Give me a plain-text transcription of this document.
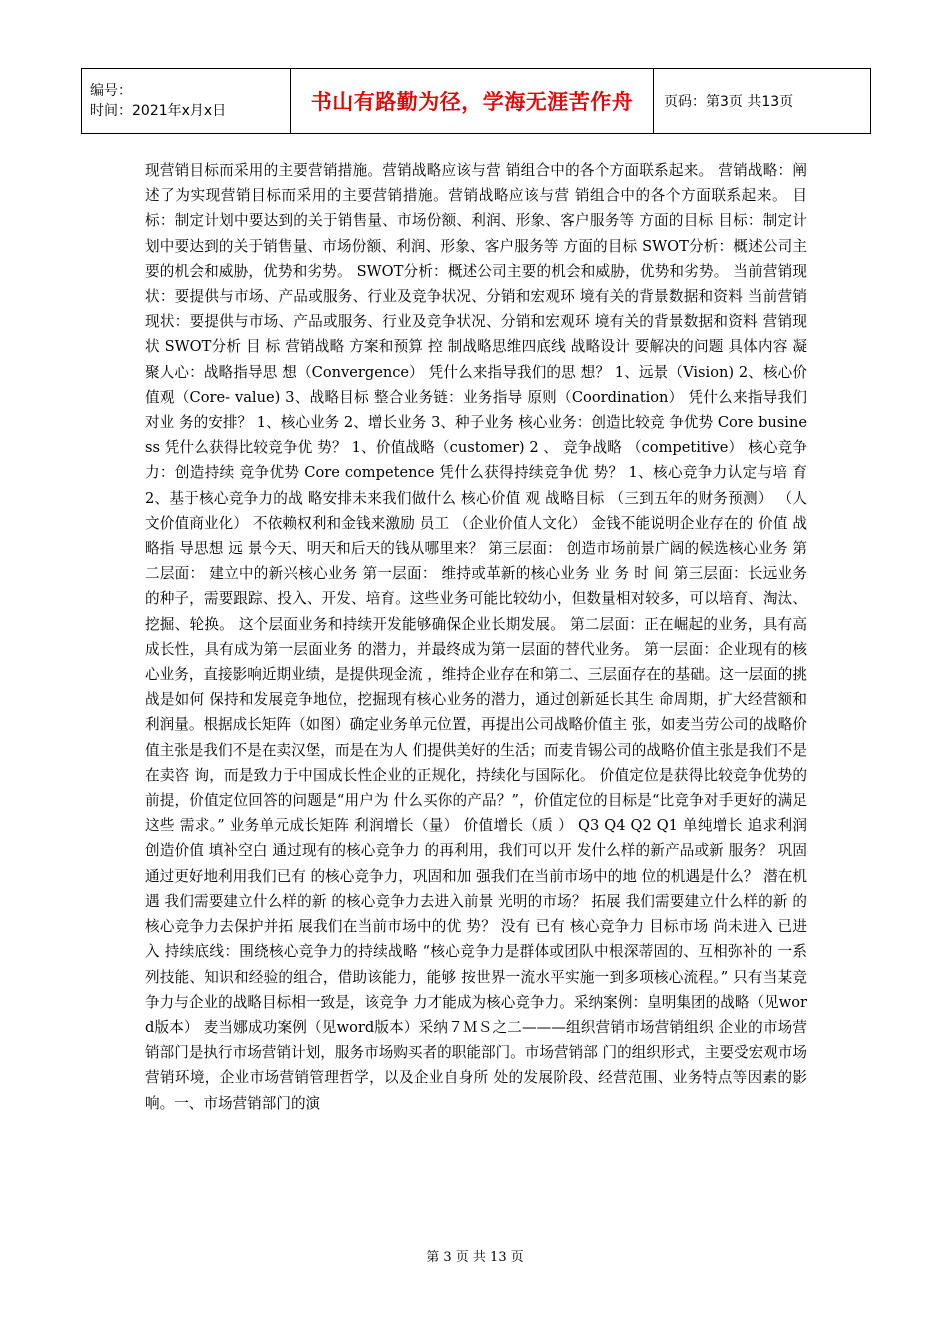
编号：
时间：2021年x月x日	书山有路勤为径，学海无涯苦作舟	页码：第3页 共13页
现营销目标而采用的主要营销措施。营销战略应该与营 销组合中的各个方面联系起来。 营销战略：阐述了为实现营销目标而采用的主要营销措施。营销战略应该与营 销组合中的各个方面联系起来。 目标：制定计划中要达到的关于销售量、市场份额、利润、形象、客户服务等 方面的目标 目标：制定计划中要达到的关于销售量、市场份额、利润、形象、客户服务等 方面的目标 SWOT分析：概述公司主要的机会和威胁，优势和劣势。 SWOT分析：概述公司主要的机会和威胁，优势和劣势。 当前营销现状：要提供与市场、产品或服务、行业及竞争状况、分销和宏观环 境有关的背景数据和资料 当前营销现状：要提供与市场、产品或服务、行业及竞争状况、分销和宏观环 境有关的背景数据和资料 营销现状 SWOT分析 目 标 营销战略 方案和预算 控 制战略思维四底线 战略设计 要解决的问题 具体内容 凝聚人心：战略指导思 想（Convergence） 凭什么来指导我们的思 想？ 1、远景（Vision) 2、核心价值观（Core- value) 3、战略目标 整合业务链：业务指导 原则（Coordination） 凭什么来指导我们对业 务的安排？ 1、核心业务 2、增长业务 3、种子业务 核心业务：创造比较竞 争优势 Core business 凭什么获得比较竞争优 势？ 1、价值战略（customer) 2 、 竞争战略 （competitive） 核心竞争力：创造持续 竞争优势 Core competence 凭什么获得持续竞争优 势？ 1、核心竞争力认定与培 育 2、基于核心竞争力的战 略安排未来我们做什么 核心价值 观 战略目标 （三到五年的财务预测） （人文价值商业化） 不依赖权利和金钱来激励 员工 （企业价值人文化） 金钱不能说明企业存在的 价值 战略指 导思想 远 景今天、明天和后天的钱从哪里来？ 第三层面： 创造市场前景广阔的候选核心业务 第二层面： 建立中的新兴核心业务 第一层面： 维持或革新的核心业务 业 务 时 间 第三层面：长远业务的种子，需要跟踪、投入、开发、培育。这些业务可能比较幼小，但数量相对较多，可以培育、淘汰、挖掘、轮换。 这个层面业务和持续开发能够确保企业长期发展。 第二层面：正在崛起的业务，具有高成长性，具有成为第一层面业务 的潜力，并最终成为第一层面的替代业务。 第一层面：企业现有的核心业务，直接影响近期业绩，是提供现金流 ，维持企业存在和第二、三层面存在的基础。这一层面的挑战是如何 保持和发展竞争地位，挖掘现有核心业务的潜力，通过创新延长其生 命周期，扩大经营额和利润量。根据成长矩阵（如图）确定业务单元位置，再提出公司战略价值主 张，如麦当劳公司的战略价值主张是我们不是在卖汉堡，而是在为人 们提供美好的生活；而麦肯锡公司的战略价值主张是我们不是在卖咨 询，而是致力于中国成长性企业的正规化，持续化与国际化。 价值定位是获得比较竞争优势的前提，价值定位回答的问题是“用户为 什么买你的产品？”，价值定位的目标是“比竞争对手更好的满足这些 需求。” 业务单元成长矩阵 利润增长（量） 价值增长（质 ） Q3 Q4 Q2 Q1 单纯增长 追求利润 创造价值 填补空白 通过现有的核心竞争力 的再利用，我们可以开 发什么样的新产品或新 服务？ 巩固 通过更好地利用我们已有 的核心竞争力，巩固和加 强我们在当前市场中的地 位的机遇是什么？ 潜在机遇 我们需要建立什么样的新 的核心竞争力去进入前景 光明的市场？ 拓展 我们需要建立什么样的新 的核心竞争力去保护并拓 展我们在当前市场中的优 势？ 没有 已有 核心竞争力 目标市场 尚未进入 已进入 持续底线：围绕核心竞争力的持续战略 “核心竞争力是群体或团队中根深蒂固的、互相弥补的 一系列技能、知识和经验的组合，借助该能力，能够 按世界一流水平实施一到多项核心流程。” 只有当某竞争力与企业的战略目标相一致是，该竞争 力才能成为核心竞争力。采纳案例：皇明集团的战略（见word版本） 麦当娜成功案例（见word版本）采纳７ＭＳ之二———组织营销市场营销组织 企业的市场营销部门是执行市场营销计划，服务市场购买者的职能部门。市场营销部 门的组织形式，主要受宏观市场营销环境，企业市场营销管理哲学，以及企业自身所 处的发展阶段、经营范围、业务特点等因素的影响。一、市场营销部门的演
第 3 页 共 13 页
